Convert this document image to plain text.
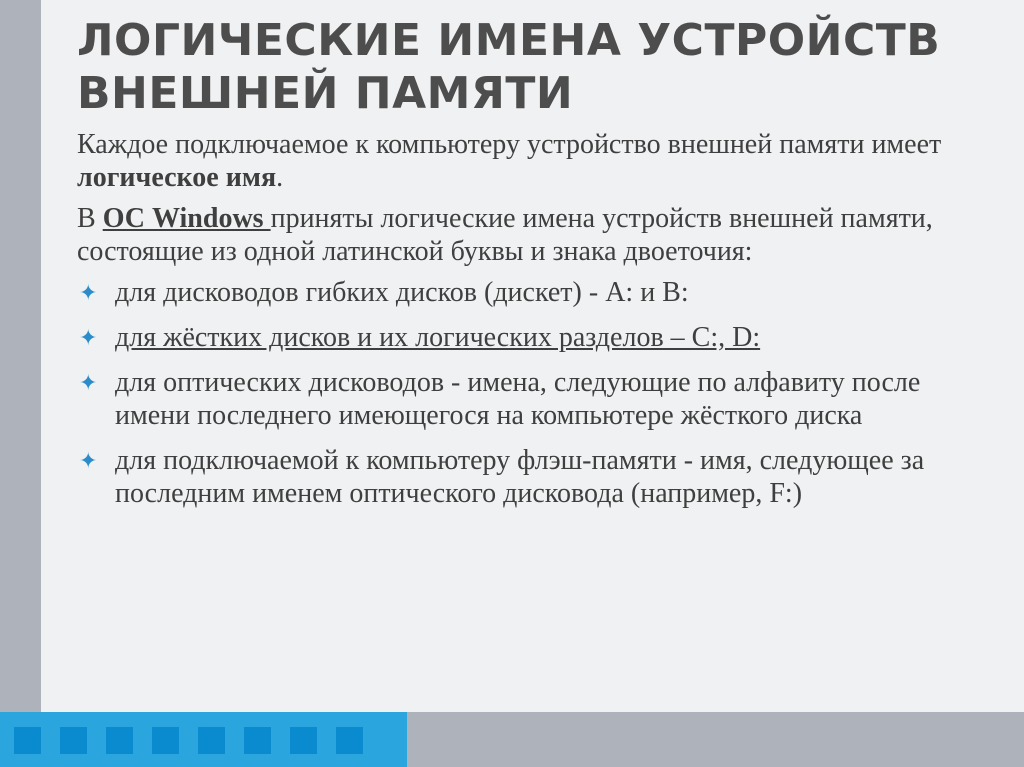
ЛОГИЧЕСКИЕ ИМЕНА УСТРОЙСТВ
ВНЕШНЕЙ ПАМЯТИ

Каждое подключаемое к компьютеру устройство внешней памяти имеет логическое имя.

В ОС Windows приняты логические имена устройств внешней памяти, состоящие из одной латинской буквы и знака двоеточия:

✦ для дисководов гибких дисков (дискет) - А: и В:
✦ для жёстких дисков и их логических разделов – С:, D:
✦ для оптических дисководов - имена, следующие по алфавиту после имени последнего имеющегося на компьютере жёсткого диска
✦ для подключаемой к компьютеру флэш-памяти - имя, следующее за последним именем оптического дисковода (например, F:)
